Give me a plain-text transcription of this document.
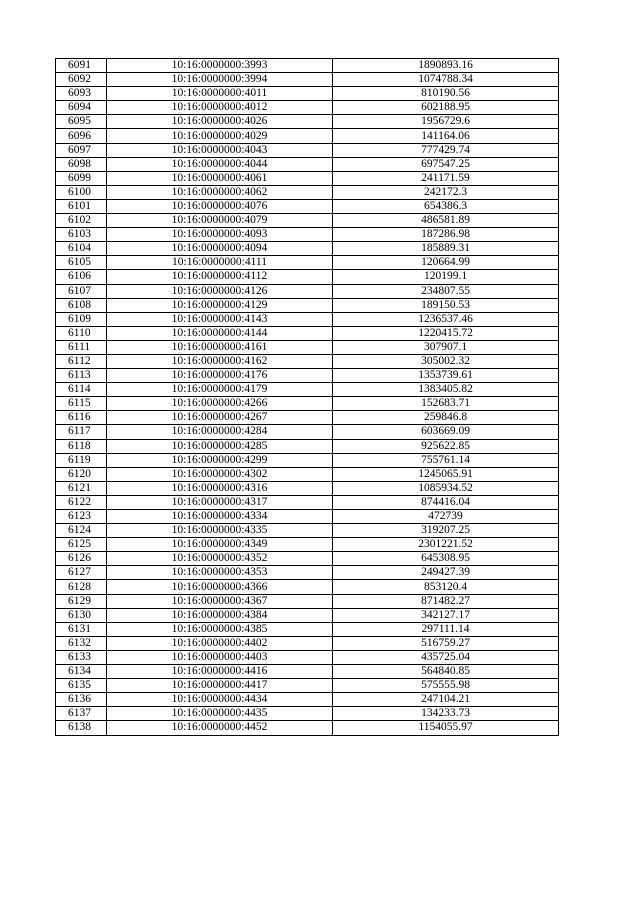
6091	10:16:0000000:3993	1890893.16
6092	10:16:0000000:3994	1074788.34
6093	10:16:0000000:4011	810190.56
6094	10:16:0000000:4012	602188.95
6095	10:16:0000000:4026	1956729.6
6096	10:16:0000000:4029	141164.06
6097	10:16:0000000:4043	777429.74
6098	10:16:0000000:4044	697547.25
6099	10:16:0000000:4061	241171.59
6100	10:16:0000000:4062	242172.3
6101	10:16:0000000:4076	654386.3
6102	10:16:0000000:4079	486581.89
6103	10:16:0000000:4093	187286.98
6104	10:16:0000000:4094	185889.31
6105	10:16:0000000:4111	120664.99
6106	10:16:0000000:4112	120199.1
6107	10:16:0000000:4126	234807.55
6108	10:16:0000000:4129	189150.53
6109	10:16:0000000:4143	1236537.46
6110	10:16:0000000:4144	1220415.72
6111	10:16:0000000:4161	307907.1
6112	10:16:0000000:4162	305002.32
6113	10:16:0000000:4176	1353739.61
6114	10:16:0000000:4179	1383405.82
6115	10:16:0000000:4266	152683.71
6116	10:16:0000000:4267	259846.8
6117	10:16:0000000:4284	603669.09
6118	10:16:0000000:4285	925622.85
6119	10:16:0000000:4299	755761.14
6120	10:16:0000000:4302	1245065.91
6121	10:16:0000000:4316	1085934.52
6122	10:16:0000000:4317	874416.04
6123	10:16:0000000:4334	472739
6124	10:16:0000000:4335	319207.25
6125	10:16:0000000:4349	2301221.52
6126	10:16:0000000:4352	645308.95
6127	10:16:0000000:4353	249427.39
6128	10:16:0000000:4366	853120.4
6129	10:16:0000000:4367	871482.27
6130	10:16:0000000:4384	342127.17
6131	10:16:0000000:4385	297111.14
6132	10:16:0000000:4402	516759.27
6133	10:16:0000000:4403	435725.04
6134	10:16:0000000:4416	564840.85
6135	10:16:0000000:4417	575555.98
6136	10:16:0000000:4434	247104.21
6137	10:16:0000000:4435	134233.73
6138	10:16:0000000:4452	1154055.97
